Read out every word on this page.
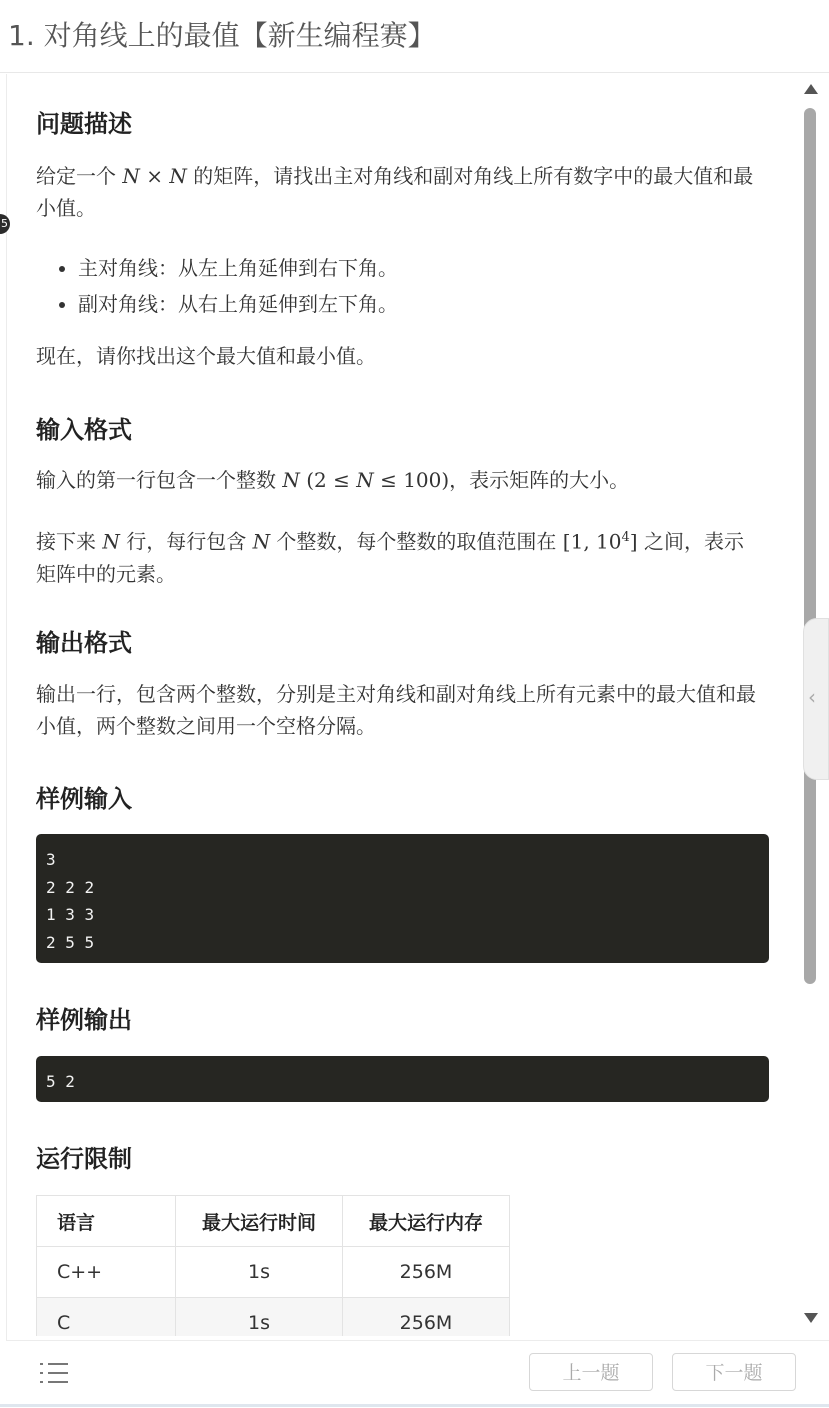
1. 对角线上的最值【新生编程赛】
5
问题描述

给定一个 N × N 的矩阵，请找出主对角线和副对角线上所有数字中的最大值和最小值。

• 主对角线：从左上角延伸到右下角。
• 副对角线：从右上角延伸到左下角。

现在，请你找出这个最大值和最小值。

输入格式

输入的第一行包含一个整数 N (2 ≤ N ≤ 100)，表示矩阵的大小。

接下来 N 行，每行包含 N 个整数，每个整数的取值范围在 [1, $10^4$] 之间，表示矩阵中的元素。

输出格式

输出一行，包含两个整数，分别是主对角线和副对角线上所有元素中的最大值和最小值，两个整数之间用一个空格分隔。

样例输入
3
2 2 2
1 3 3
2 5 5
样例输出
5 2
运行限制
语言	最大运行时间	最大运行内存
C++	1s	256M
C	1s	256M
‹
上一题	下一题
